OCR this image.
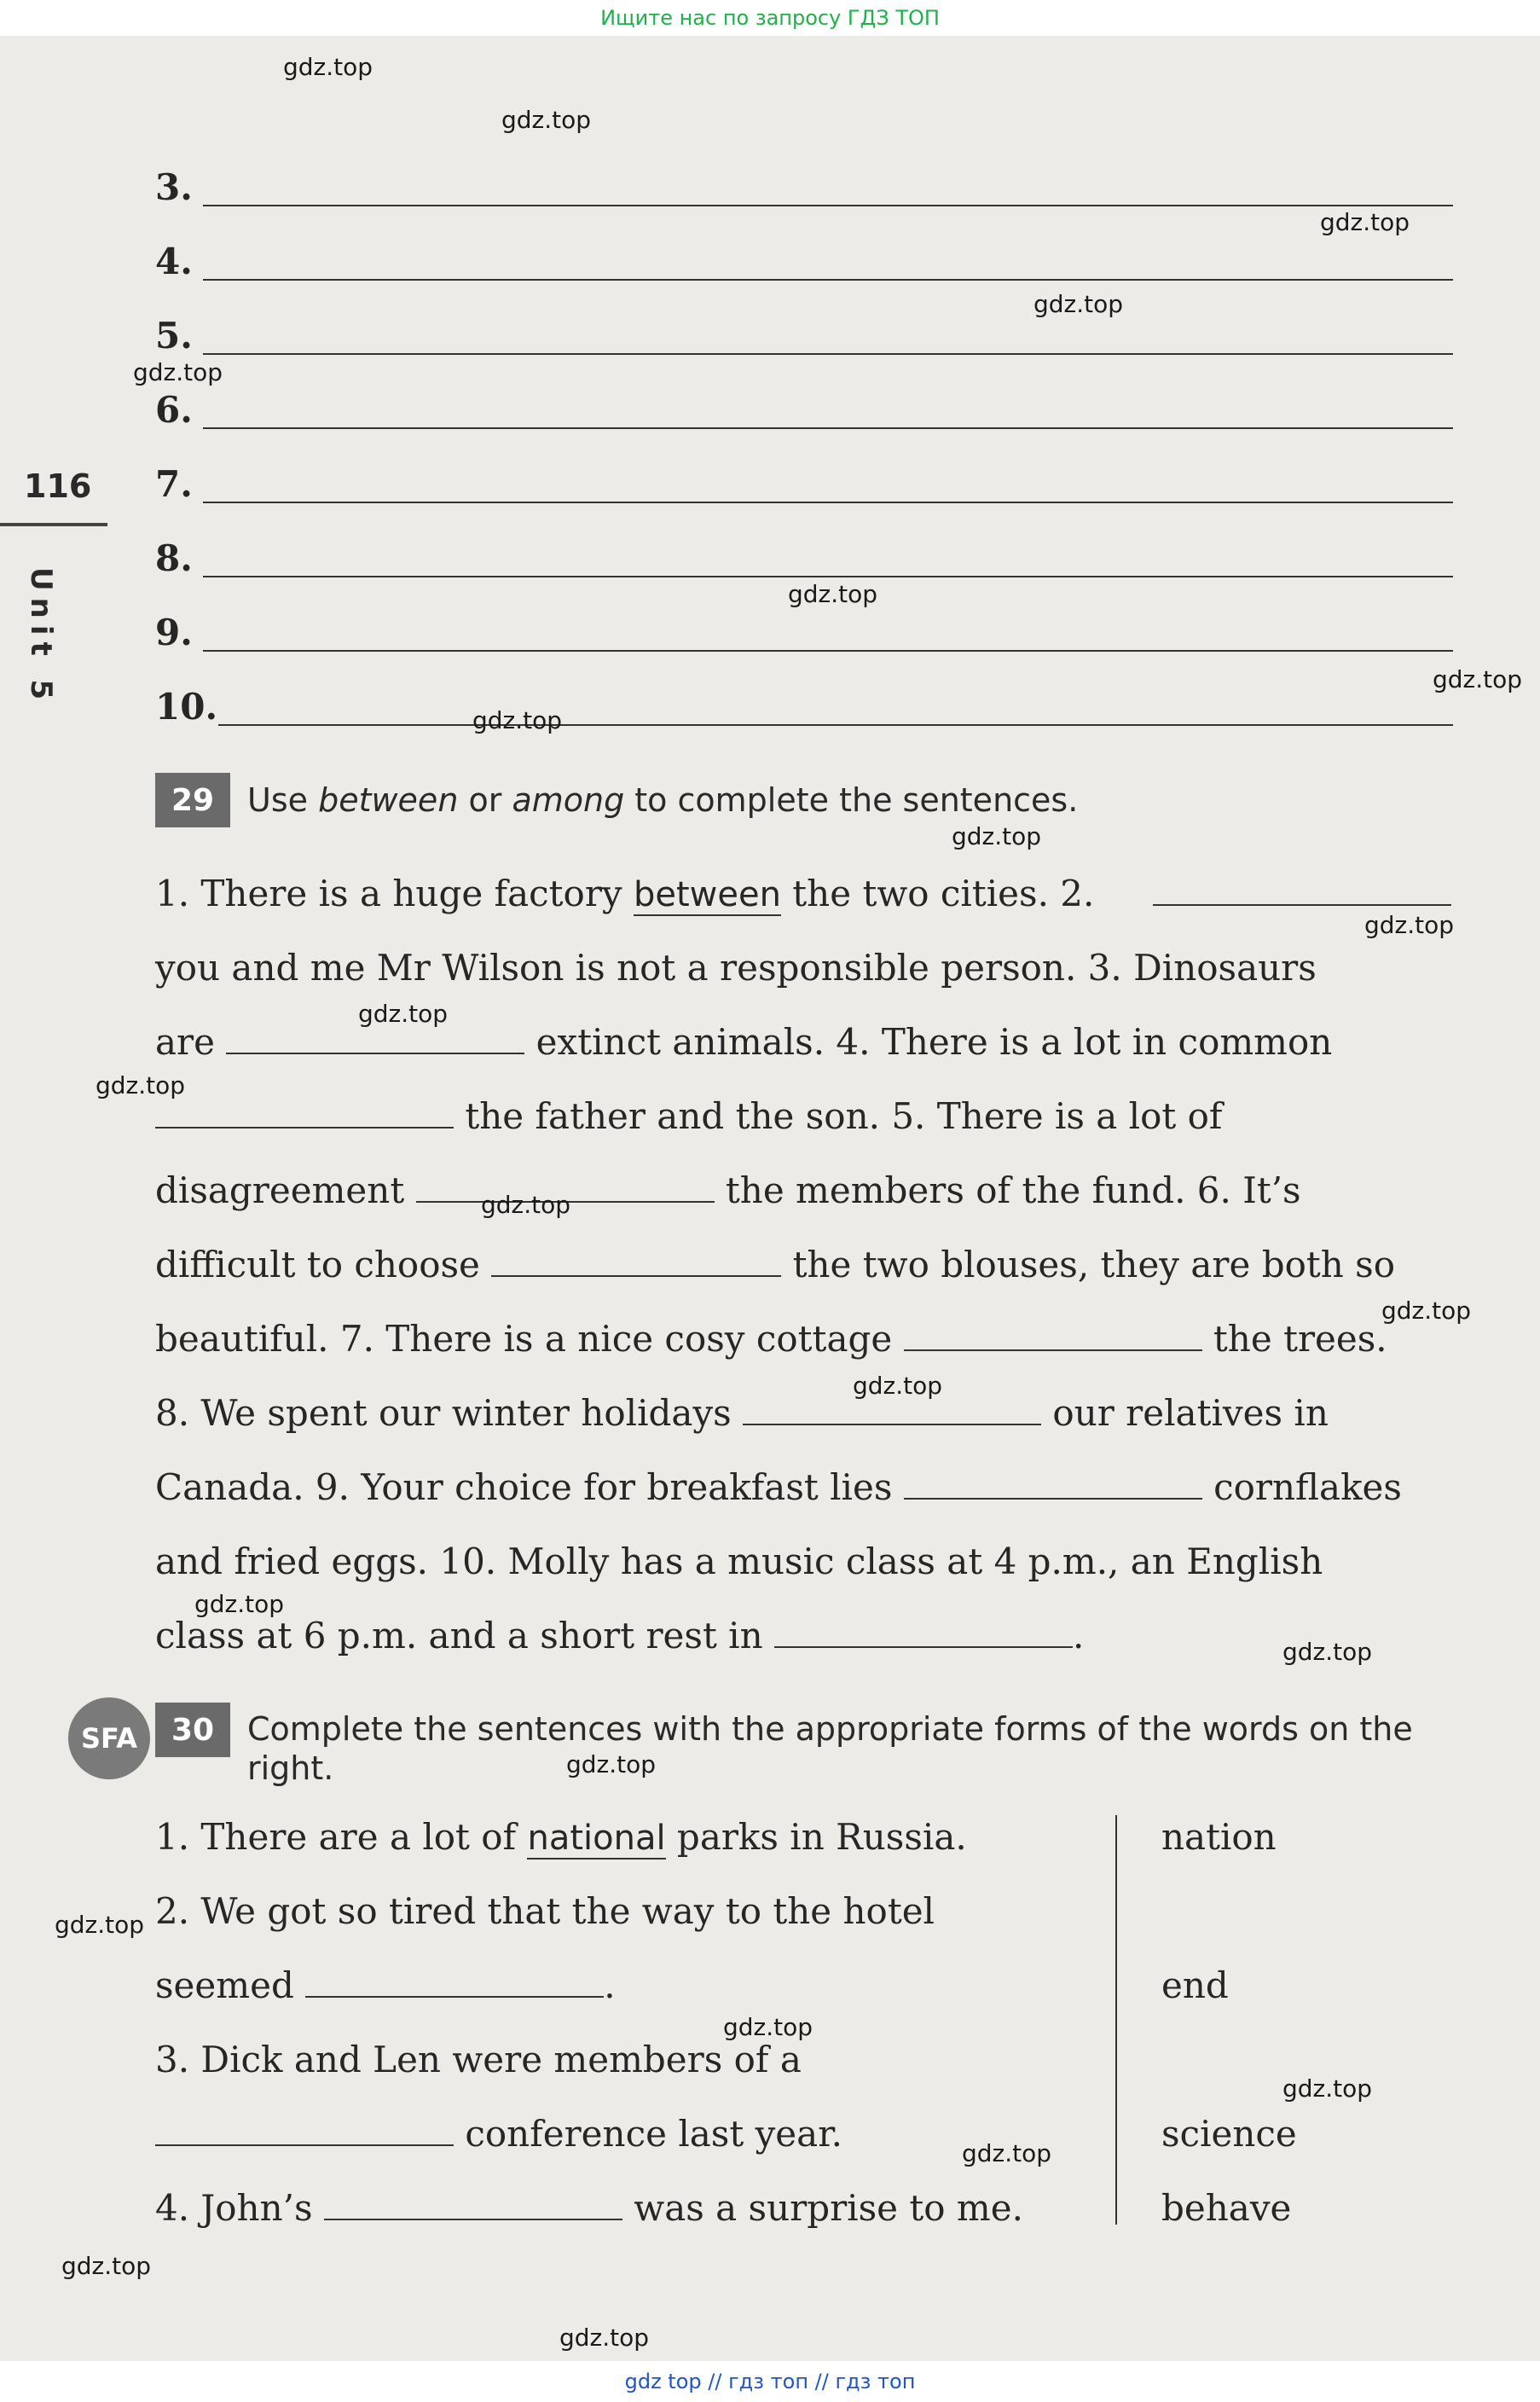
Ищите нас по запросу ГДЗ ТОП
116
Unit 5
3.
4.
5.
6.
7.
8.
9.
10.
29	Use between or among to complete the sentences.
1. There is a huge factory between the two cities. 2.
you and me Mr Wilson is not a responsible person. 3. Dinosaurs
are	extinct animals. 4. There is a lot in common
the father and the son. 5. There is a lot of
disagreement	the members of the fund. 6. It’s
difficult to choose	the two blouses, they are both so
beautiful. 7. There is a nice cosy cottage	the trees.
8. We spent our winter holidays	our relatives in
Canada. 9. Your choice for breakfast lies	cornflakes
and fried eggs. 10. Molly has a music class at 4 p.m., an English
class at 6 p.m. and a short rest in	.
SFA	30	Complete the sentences with the appropriate forms of the words on the
right.
1. There are a lot of national parks in Russia.
2. We got so tired that the way to the hotel
seemed	.
3. Dick and Len were members of a
conference last year.
4. John’s	was a surprise to me.
nation
end
science
behave
gdz.top
gdz.top
gdz.top
gdz.top
gdz.top
gdz.top
gdz.top
gdz.top
gdz.top
gdz.top
gdz.top
gdz.top
gdz.top
gdz.top
gdz.top
gdz.top
gdz.top
gdz.top
gdz.top
gdz.top
gdz.top
gdz.top
gdz.top
gdz.top
gdz top // гдз топ // гдз топ
